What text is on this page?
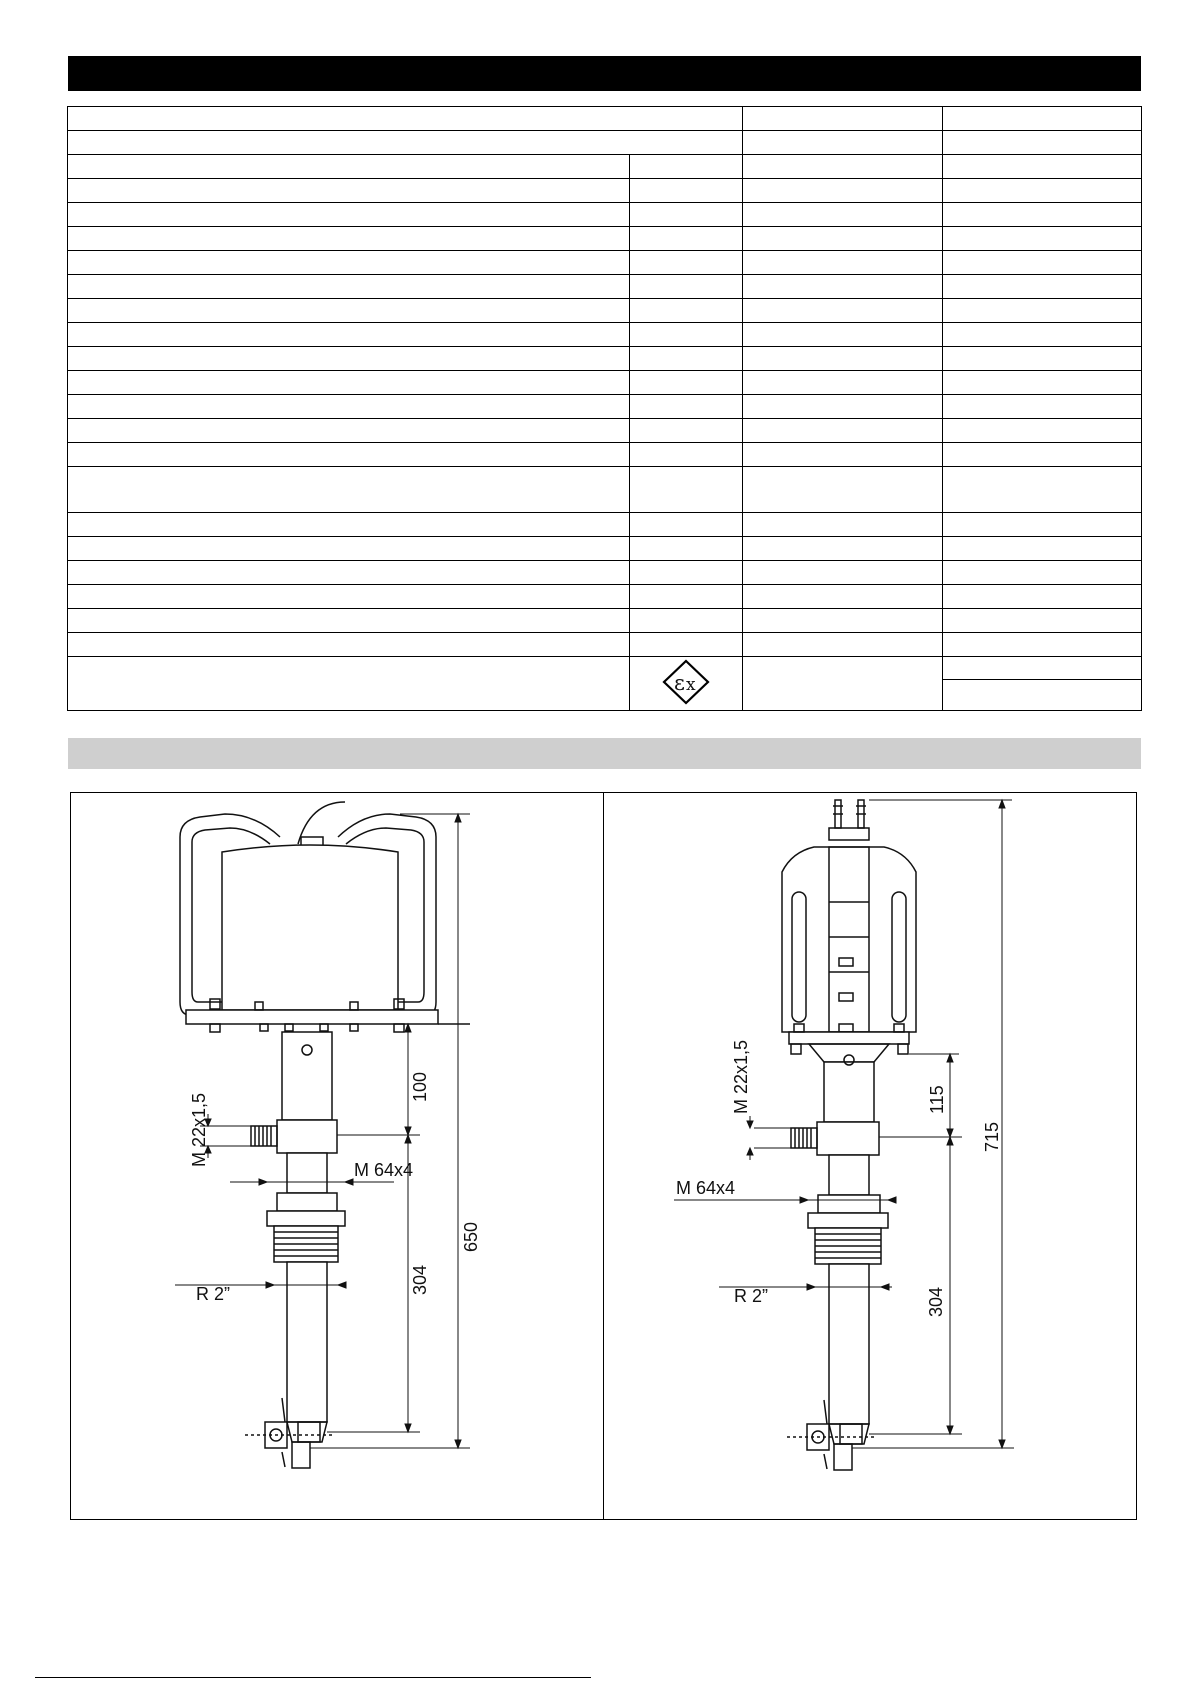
ε x		

M 22x1,5
100
M 64x4
304
650
R 2”
M 22x1,5	115
M 64x4
304
715
R 2”
